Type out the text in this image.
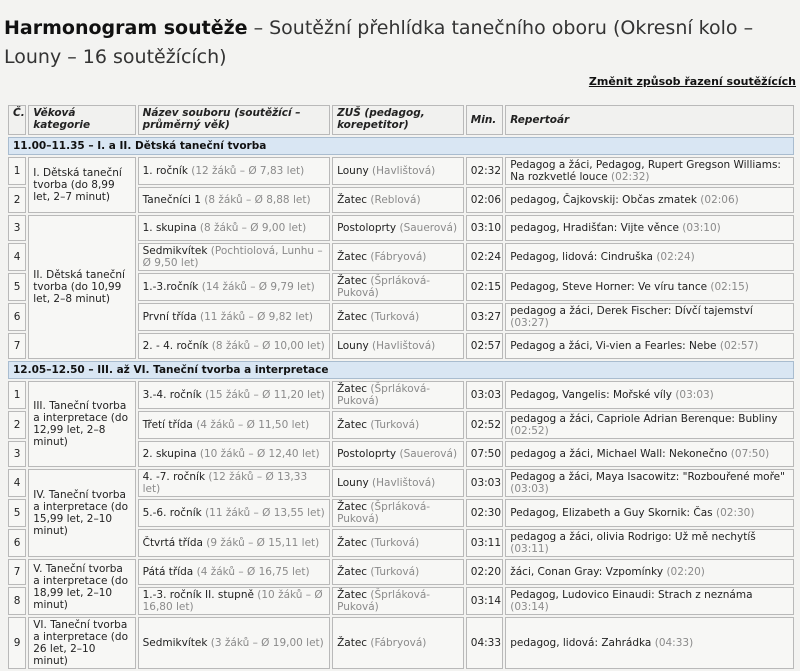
Harmonogram soutěže – Soutěžní přehlídka tanečního oboru (Okresní kolo – Louny – 16 soutěžících)
Změnit způsob řazení soutěžících
Č.	Věková kategorie	Název souboru (soutěžící – průměrný věk)	ZUŠ (pedagog, korepetitor)	Min.	Repertoár
11.00–11.35 – I. a II. Dětská taneční tvorba					
1	I. Dětská taneční tvorba (do 8,99 let, 2–7 minut)	1. ročník (12 žáků – Ø 7,83 let)	Louny (Havlištová)	02:32	Pedagog a žáci, Pedagog, Rupert Gregson Williams: Na rozkvetlé louce (02:32)
2		Tanečníci 1 (8 žáků – Ø 8,88 let)	Žatec (Reblová)	02:06	pedagog, Čajkovskij: Občas zmatek (02:06)
3	II. Dětská taneční tvorba (do 10,99 let, 2–8 minut)	1. skupina (8 žáků – Ø 9,00 let)	Postoloprty (Sauerová)	03:10	pedagog, Hradišťan: Vijte věnce (03:10)
4		Sedmikvítek (Pochtiolová, Lunhu – Ø 9,50 let)	Žatec (Fábryová)	02:24	Pedagog, lidová: Cindruška (02:24)
5		1.-3.ročník (14 žáků – Ø 9,79 let)	Žatec (Šprláková-Puková)	02:15	Pedagog, Steve Horner: Ve víru tance (02:15)
6		První třída (11 žáků – Ø 9,82 let)	Žatec (Turková)	03:27	pedagog a žáci, Derek Fischer: Dívčí tajemství (03:27)
7		2. - 4. ročník (8 žáků – Ø 10,00 let)	Louny (Havlištová)	02:57	Pedagog a žáci, Vi-vien a Fearles: Nebe (02:57)
12.05–12.50 – III. až VI. Taneční tvorba a interpretace					
1	III. Taneční tvorba a interpretace (do 12,99 let, 2–8 minut)	3.-4. ročník (15 žáků – Ø 11,20 let)	Žatec (Šprláková-Puková)	03:03	Pedagog, Vangelis: Mořské víly (03:03)
2		Třetí třída (4 žáků – Ø 11,50 let)	Žatec (Turková)	02:52	pedagog a žáci, Capriole Adrian Berenque: Bubliny (02:52)
3		2. skupina (10 žáků – Ø 12,40 let)	Postoloprty (Sauerová)	07:50	pedagog a žáci, Michael Wall: Nekonečno (07:50)
4	IV. Taneční tvorba a interpretace (do 15,99 let, 2–10 minut)	4. -7. ročník (12 žáků – Ø 13,33 let)	Louny (Havlištová)	03:03	Pedagog a žáci, Maya Isacowitz: "Rozbouřené moře" (03:03)
5		5.-6. ročník (11 žáků – Ø 13,55 let)	Žatec (Šprláková-Puková)	02:30	Pedagog, Elizabeth a Guy Skornik: Čas (02:30)
6		Čtvrtá třída (9 žáků – Ø 15,11 let)	Žatec (Turková)	03:11	pedagog a žáci, olivia Rodrigo: Už mě nechytíš (03:11)
7	V. Taneční tvorba a interpretace (do 18,99 let, 2–10 minut)	Pátá třída (4 žáků – Ø 16,75 let)	Žatec (Turková)	02:20	žáci, Conan Gray: Vzpomínky (02:20)
8		1.-3. ročník II. stupně (10 žáků – Ø 16,80 let)	Žatec (Šprláková-Puková)	03:14	Pedagog, Ludovico Einaudi: Strach z neznáma (03:14)
9	VI. Taneční tvorba a interpretace (do 26 let, 2–10 minut)	Sedmikvítek (3 žáků – Ø 19,00 let)	Žatec (Fábryová)	04:33	pedagog, lidová: Zahrádka (04:33)
